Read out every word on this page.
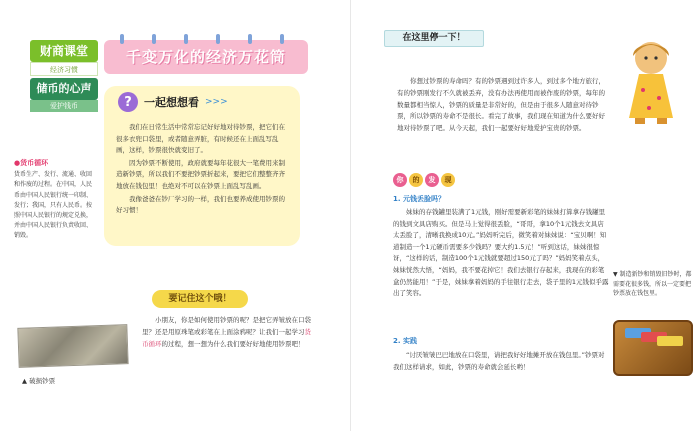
财商课堂
经济习惯
储币的心声
爱护钱币
千变万化的经济万花筒
?	一起想想看 >>>

我们在日常生活中常常忘记好好地对待钞票，把它们在很多衣兜口袋里，或者随意弄脏，有时候还在上面乱写乱画，这样，钞票很快就变旧了。

因为钞票不断使用，政府就要每年花很大一笔费用来制造新钞票，所以我们不要把钞票折起来，要把它们整整齐齐地放在钱包里！也绝对不可以在钞票上面乱写乱画。

我像爸爸在钞厂学习的一样，我们也要养成使用钞票的好习惯！

●货币循环
货币生产、发行、流通、收回和作废的过程。在中国，人民币由中国人民银行统一印制、发行；我国，只有人民币。按照中国人民银行的规定兑换，并由中国人民银行负责收回、销毁。
要记住这个哦！

小朋友，你是如何使用钞票的呢？是把它弄皱放在口袋里？还是用原珠笔或彩笔在上面涂鸦呢？让我们一起学习货币循环的过程，想一想为什么我们要好好地使用钞票吧！

▲ 破损钞票
在这里停一下！

你想过钞票的寿命吗？有的钞票遇到过许多人，到过多个地方旅行，有的钞票刚发行不久就被丢弃，没有办法再使用而被作废的钞票，每年的数量都相当惊人，钞票的质量是非常好的，但是由于很多人随意对待钞票，所以钞票的寿命不是很长。看完了故事，我们现在知道为什么要好好地对待钞票了吧。从今天起，我们一起要好好地爱护宝贵的钞票。

你	的	发	现
1. 元钱丢脸吗？

妹妹的存钱罐里装满了1元钱，刚好需要新彩笔的妹妹打算拿存钱罐里的钱到文具店购买。但是马上觉得很丢脸，“哥哥，拿10个1元钱去文具店太丢脸了，清晰我换成10元。”妈妈听完后，微笑着对妹妹说：“宝贝啊！知道制造一个1元硬币需要多少钱吗？要大约1.5元！”听到这话，妹妹很惊讶，“这样的话，制造100个1元钱就要超过150元了吗？”妈妈笑着点头，妹妹恍然大悟，“妈妈，我不要花掉它！我们去银行存起来，我现在的彩笔盒仍然能用！”于是，妹妹拿着妈妈的手往银行走去，袋子里的1元钱似乎露出了笑容。

2. 实践

“讨厌皱皱巴巴地放在口袋里，请把我好好地摊开放在钱包里。”钞票对我们这样请求，如此，钞票的寿命就会延长哟！

▼ 制造新钞和销毁旧钞时，都需要花很多钱，所以一定要把钞票放在钱包里。
